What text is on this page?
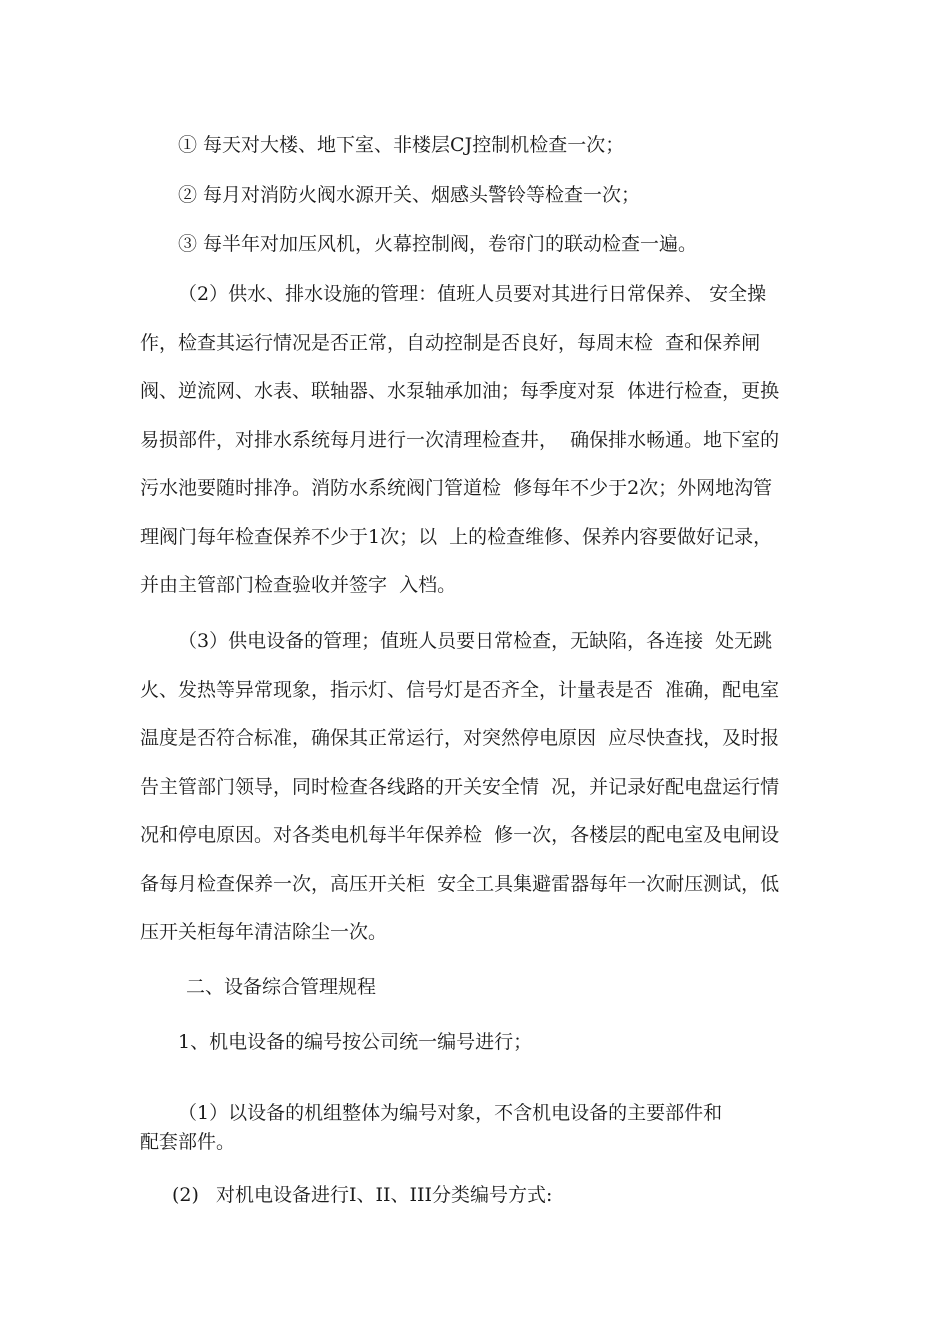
① 每天对大楼、地下室、非楼层CJ控制机检查一次；

② 每月对消防火阀水源开关、烟感头警铃等检查一次；

③ 每半年对加压风机，火幕控制阀，卷帘门的联动检查一遍。

（2）供水、排水设施的管理：值班人员要对其进行日常保养、 安全操
作，检查其运行情况是否正常，自动控制是否良好，每周末检  查和保养闸
阀、逆流网、水表、联轴器、水泵轴承加油；每季度对泵  体进行检查，更换
易损部件，对排水系统每月进行一次清理检查井，  确保排水畅通。地下室的
污水池要随时排净。消防水系统阀门管道检  修每年不少于2次；外网地沟管
理阀门每年检查保养不少于1次；以  上的检查维修、保养内容要做好记录，
并由主管部门检查验收并签字  入档。
（3）供电设备的管理；值班人员要日常检查，无缺陷，各连接  处无跳
火、发热等异常现象，指示灯、信号灯是否齐全，计量表是否  准确，配电室
温度是否符合标准，确保其正常运行，对突然停电原因  应尽快查找，及时报
告主管部门领导，同时检查各线路的开关安全情  况，并记录好配电盘运行情
况和停电原因。对各类电机每半年保养检  修一次，各楼层的配电室及电闸设
备每月检查保养一次，高压开关柜  安全工具集避雷器每年一次耐压测试，低
压开关柜每年清洁除尘一次。

二、设备综合管理规程

1、机电设备的编号按公司统一编号进行；

（1）以设备的机组整体为编号对象，不含机电设备的主要部件和

配套部件。

(2) 对机电设备进行I、II、III分类编号方式:
